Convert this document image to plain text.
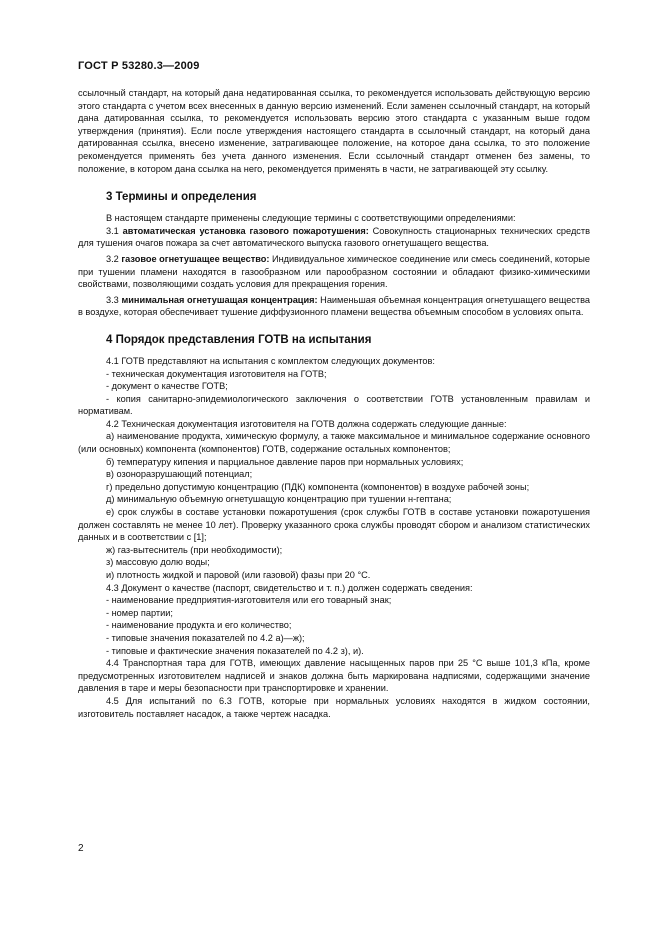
ГОСТ Р 53280.3—2009

ссылочный стандарт, на который дана недатированная ссылка, то рекомендуется использовать действующую версию этого стандарта с учетом всех внесенных в данную версию изменений. Если заменен ссылочный стандарт, на который дана датированная ссылка, то рекомендуется использовать версию этого стандарта с указанным выше годом утверждения (принятия). Если после утверждения настоящего стандарта в ссылочный стандарт, на который дана датированная ссылка, внесено изменение, затрагивающее положение, на которое дана ссылка, то это положение рекомендуется применять без учета данного изменения. Если ссылочный стандарт отменен без замены, то положение, в котором дана ссылка на него, рекомендуется применять в части, не затрагивающей эту ссылку.

3 Термины и определения

В настоящем стандарте применены следующие термины с соответствующими определениями:

3.1 автоматическая установка газового пожаротушения: Совокупность стационарных технических средств для тушения очагов пожара за счет автоматического выпуска газового огнетушащего вещества.

3.2 газовое огнетушащее вещество: Индивидуальное химическое соединение или смесь соединений, которые при тушении пламени находятся в газообразном или парообразном состоянии и обладают физико-химическими свойствами, позволяющими создать условия для прекращения горения.

3.3 минимальная огнетушащая концентрация: Наименьшая объемная концентрация огнетушащего вещества в воздухе, которая обеспечивает тушение диффузионного пламени вещества объемным способом в условиях опыта.

4 Порядок представления ГОТВ на испытания

4.1 ГОТВ представляют на испытания с комплектом следующих документов:

- техническая документация изготовителя на ГОТВ;

- документ о качестве ГОТВ;

- копия санитарно-эпидемиологического заключения о соответствии ГОТВ установленным правилам и нормативам.

4.2 Техническая документация изготовителя на ГОТВ должна содержать следующие данные:

а) наименование продукта, химическую формулу, а также максимальное и минимальное содержание основного (или основных) компонента (компонентов) ГОТВ, содержание остальных компонентов;

б) температуру кипения и парциальное давление паров при нормальных условиях;

в) озоноразрушающий потенциал;

г) предельно допустимую концентрацию (ПДК) компонента (компонентов) в воздухе рабочей зоны;

д) минимальную объемную огнетушащую концентрацию при тушении н-гептана;

е) срок службы в составе установки пожаротушения (срок службы ГОТВ в составе установки пожаротушения должен составлять не менее 10 лет). Проверку указанного срока службы проводят сбором и анализом статистических данных и в соответствии с [1];

ж) газ-вытеснитель (при необходимости);

з) массовую долю воды;

и) плотность жидкой и паровой (или газовой) фазы при 20 °С.

4.3 Документ о качестве (паспорт, свидетельство и т. п.) должен содержать сведения:

- наименование предприятия-изготовителя или его товарный знак;

- номер партии;

- наименование продукта и его количество;

- типовые значения показателей по 4.2 а)—ж);

- типовые и фактические значения показателей по 4.2 з), и).

4.4 Транспортная тара для ГОТВ, имеющих давление насыщенных паров при 25 °С выше 101,3 кПа, кроме предусмотренных изготовителем надписей и знаков должна быть маркирована надписями, содержащими значение давления в таре и меры безопасности при транспортировке и хранении.

4.5 Для испытаний по 6.3 ГОТВ, которые при нормальных условиях находятся в жидком состоянии, изготовитель поставляет насадок, а также чертеж насадка.

2
